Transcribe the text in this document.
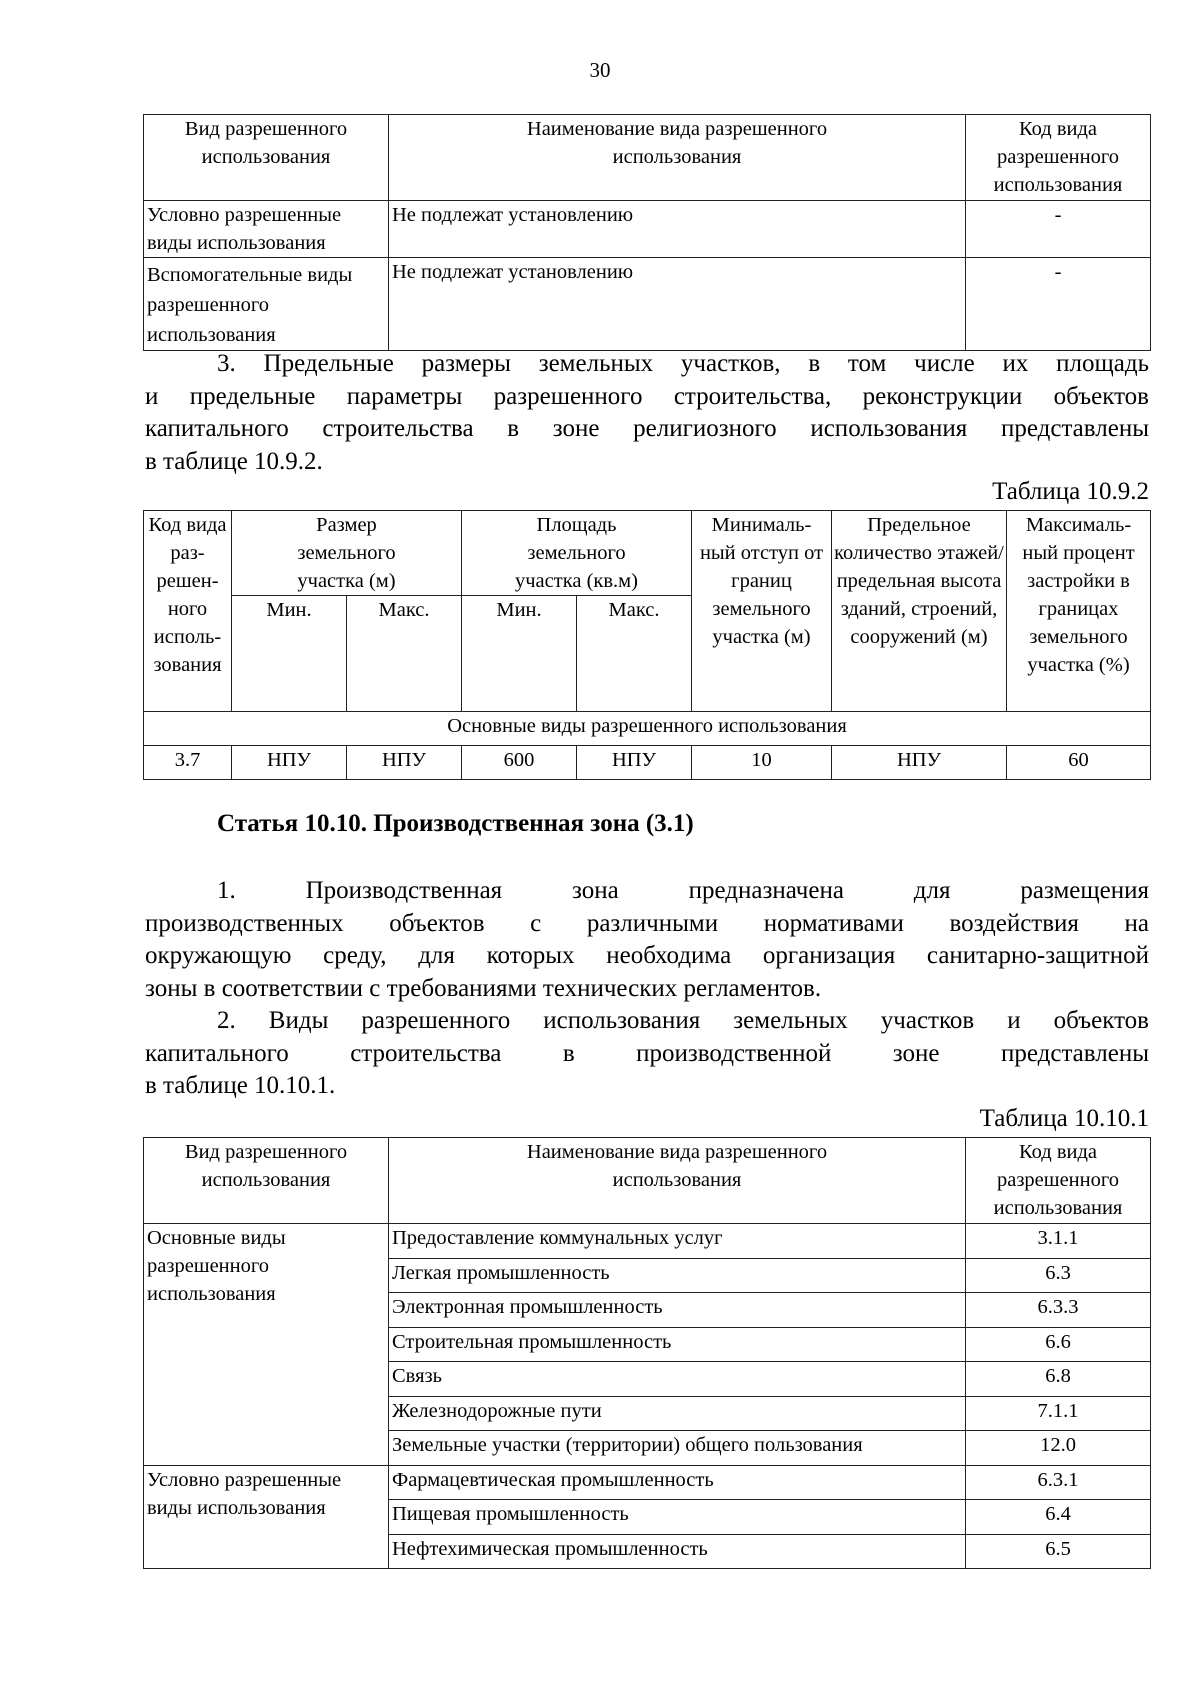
30
Вид разрешенного использования	Наименование вида разрешенного использования	Код вида разрешенного использования
Условно разрешенные виды использования	Не подлежат установлению	-
Вспомогательные виды разрешенного использования	Не подлежат установлению	-
3. Предельные размеры земельных участков, в том числе их площадь
и предельные параметры разрешенного строительства, реконструкции объектов
капитального строительства в зоне религиозного использования представлены
в таблице 10.9.2.
Таблица 10.9.2
Код вида раз- решен- ного исполь- зования	Размер земельного участка (м)		Площадь земельного участка (кв.м)		Минималь- ный отступ от границ земельного участка (м)	Предельное количество этажей/ предельная высота зданий, строений, сооружений (м)	Максималь- ный процент застройки в границах земельного участка (%)
	Мин.	Макс.	Мин.	Макс.			
Основные виды разрешенного использования							
3.7	НПУ	НПУ	600	НПУ	10	НПУ	60
Статья 10.10. Производственная зона (3.1)
1. Производственная зона предназначена для размещения
производственных объектов с различными нормативами воздействия на
окружающую среду, для которых необходима организация санитарно-защитной
зоны в соответствии с требованиями технических регламентов.
2. Виды разрешенного использования земельных участков и объектов
капитального строительства в производственной зоне представлены
в таблице 10.10.1.
Таблица 10.10.1
Вид разрешенного использования	Наименование вида разрешенного использования	Код вида разрешенного использования
Основные виды разрешенного использования	Предоставление коммунальных услуг	3.1.1
	Легкая промышленность	6.3
	Электронная промышленность	6.3.3
	Строительная промышленность	6.6
	Связь	6.8
	Железнодорожные пути	7.1.1
	Земельные участки (территории) общего пользования	12.0
Условно разрешенные виды использования	Фармацевтическая промышленность	6.3.1
	Пищевая промышленность	6.4
	Нефтехимическая промышленность	6.5
